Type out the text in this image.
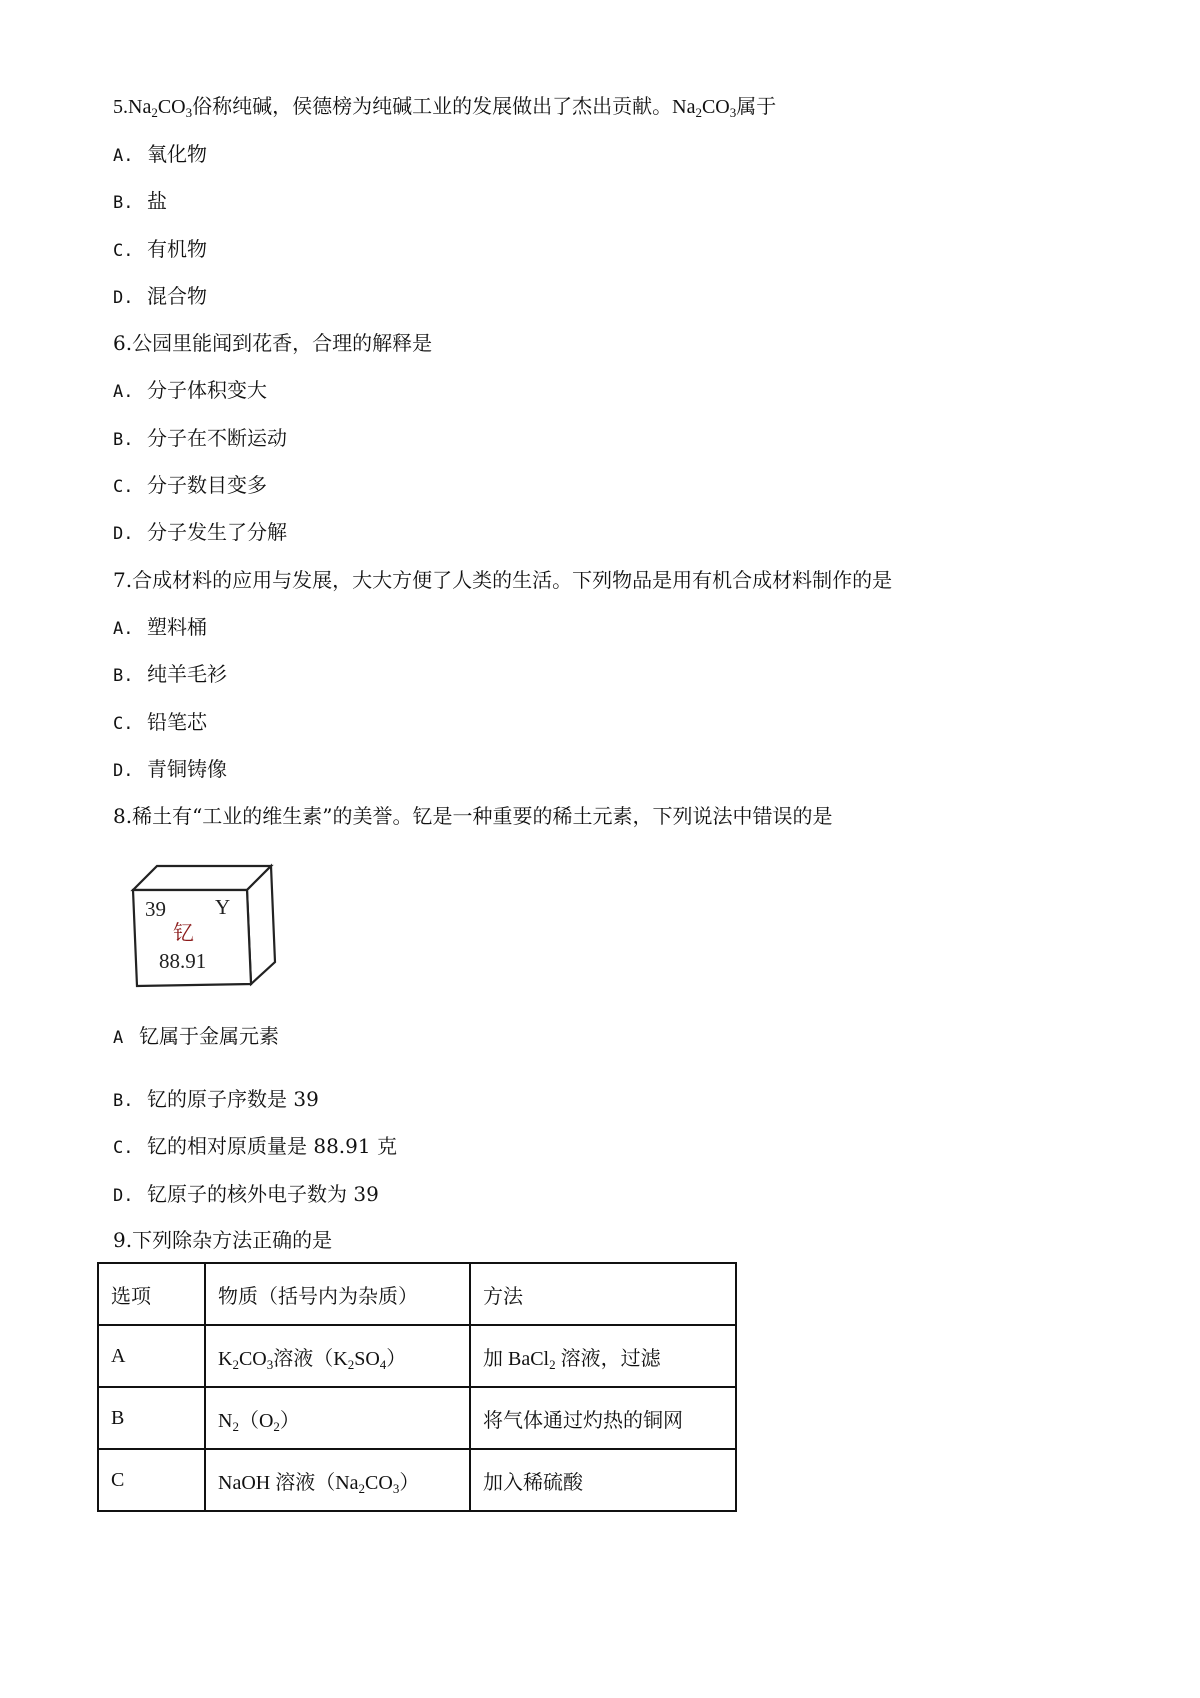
$5.Na_2CO_3$俗称纯碱，侯德榜为纯碱工业的发展做出了杰出贡献。$Na_2CO_3$属于
A. 氧化物
B. 盐
C. 有机物
D. 混合物
6.公园里能闻到花香，合理的解释是
A. 分子体积变大
B. 分子在不断运动
C. 分子数目变多
D. 分子发生了分解
7.合成材料的应用与发展，大大方便了人类的生活。下列物品是用有机合成材料制作的是
A. 塑料桶
B. 纯羊毛衫
C. 铅笔芯
D. 青铜铸像
8.稀土有“工业的维生素”的美誉。钇是一种重要的稀土元素，下列说法中错误的是
39 Y
钇
88.91
A 钇属于金属元素
B. 钇的原子序数是 39
C. 钇的相对原质量是 88.91 克
D. 钇原子的核外电子数为 39
9.下列除杂方法正确的是
选项	物质（括号内为杂质）	方法
A	$K_2CO_3$溶液$(K_2SO_4)$	加 BaCl$_2$ 溶液，过滤
B	$N_2(O_2)$	将气体通过灼热的铜网
C	NaOH 溶液$(Na_2CO_3)$	加入稀硫酸
